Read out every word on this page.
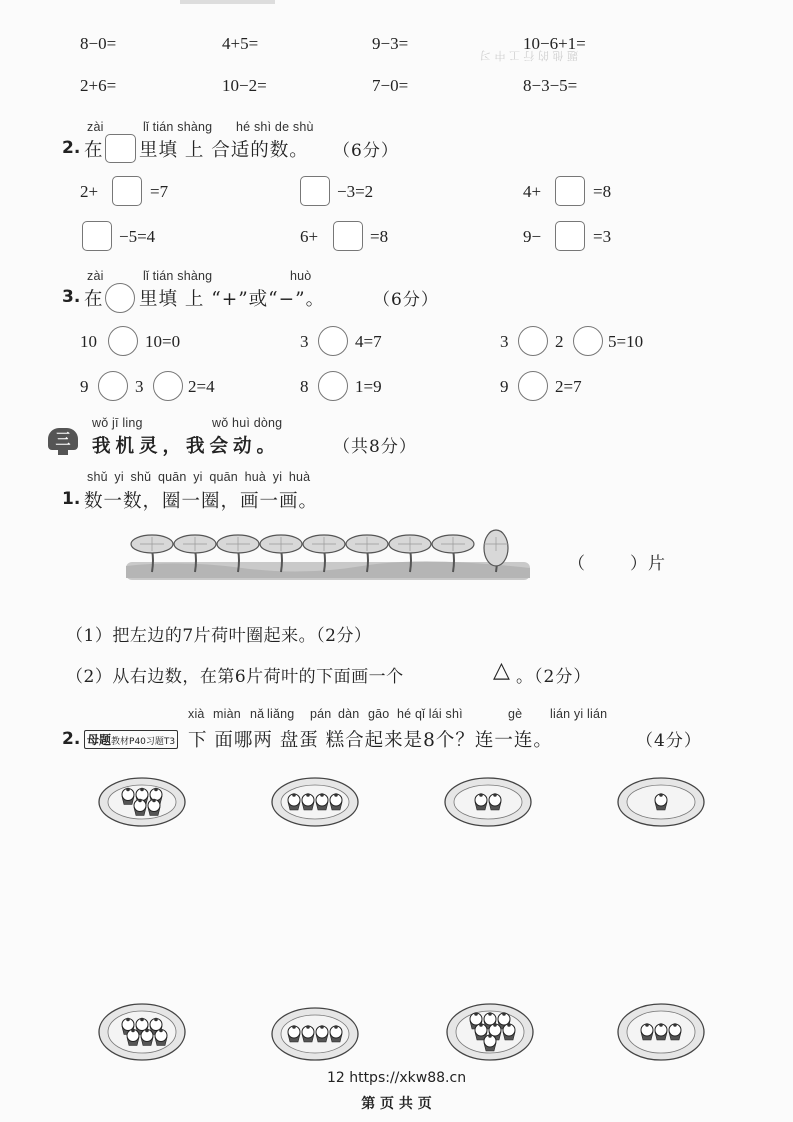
题 他 的 行 工 中 习
8−0=	4+5=	9−3=	10−6+1=
2+6=	10−2=	7−0=	8−3−5=
zài	lǐ tián shàng hé shì de shù
2. 在 里填 上 合适的数。 （6分）
2+	=7	−3=2	4+	=8
−5=4	6+	=8	9−	=3
zài	lǐ tián shàng	huò
3. 在 里填 上 “+”或“−”。	（6分）
10	10=0	3	4=7	3	2	5=10
9	3	2=4	8	1=9	9	2=7
wǒ jī ling	wǒ huì dòng
三	我机灵，我会动。	（共8分）
shǔ yi shǔ quān yi quān huà yi huà
1. 数一数，圈一圈，画一画。
（	）片
（1）把左边的7片荷叶圈起来。（2分）
（2）从右边数，在第6片荷叶的下面画一个	△ 。（2分）
xià miàn nǎ liǎng pán dàn gāo hé qǐ lái shì	gè lián yi lián
2. 母题教材P40习题T3 下 面哪两 盘蛋 糕合起来是8个？连一连。	（4分）
12 https://xkw88.cn
第 页 共 页
